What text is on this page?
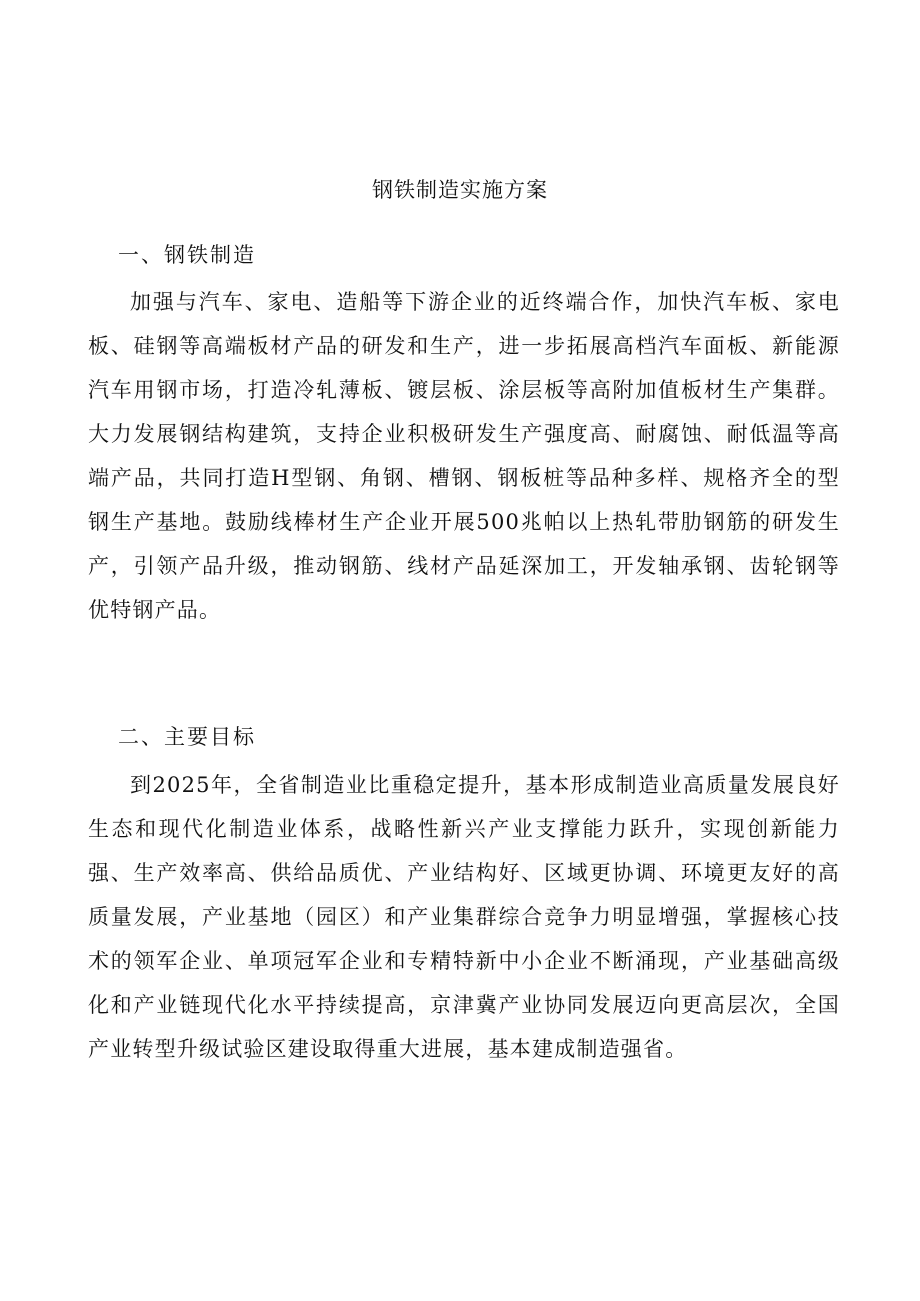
钢铁制造实施方案
一、钢铁制造

加强与汽车、家电、造船等下游企业的近终端合作，加快汽车板、家电板、硅钢等高端板材产品的研发和生产，进一步拓展高档汽车面板、新能源汽车用钢市场，打造冷轧薄板、镀层板、涂层板等高附加值板材生产集群。大力发展钢结构建筑，支持企业积极研发生产强度高、耐腐蚀、耐低温等高端产品，共同打造H型钢、角钢、槽钢、钢板桩等品种多样、规格齐全的型钢生产基地。鼓励线棒材生产企业开展500兆帕以上热轧带肋钢筋的研发生产，引领产品升级，推动钢筋、线材产品延深加工，开发轴承钢、齿轮钢等优特钢产品。

二、主要目标

到2025年，全省制造业比重稳定提升，基本形成制造业高质量发展良好生态和现代化制造业体系，战略性新兴产业支撑能力跃升，实现创新能力强、生产效率高、供给品质优、产业结构好、区域更协调、环境更友好的高质量发展，产业基地（园区）和产业集群综合竞争力明显增强，掌握核心技术的领军企业、单项冠军企业和专精特新中小企业不断涌现，产业基础高级化和产业链现代化水平持续提高，京津冀产业协同发展迈向更高层次，全国产业转型升级试验区建设取得重大进展，基本建成制造强省。
